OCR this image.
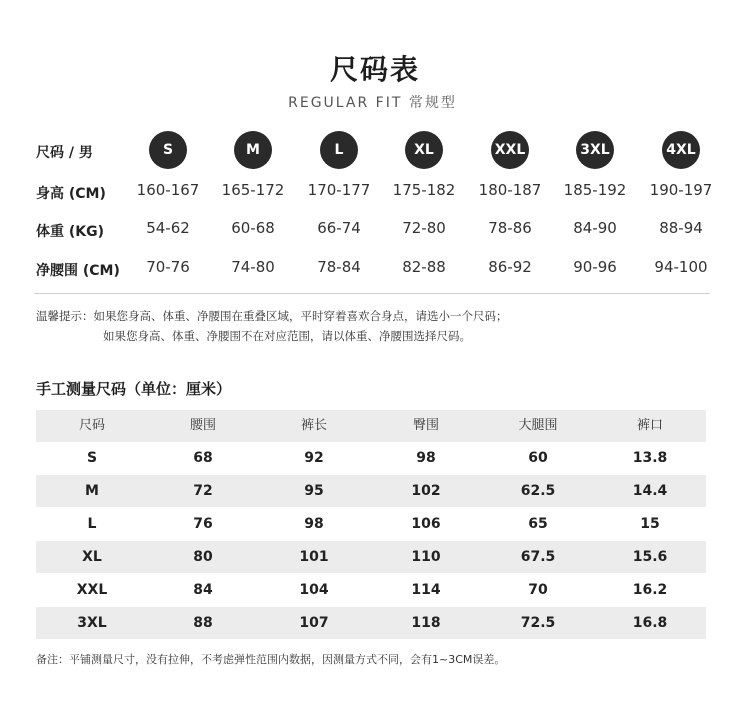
尺码表
REGULAR FIT 常规型
尺码 / 男	S	M	L	XL	XXL	3XL	4XL
身高 (CM)	160-167	165-172	170-177	175-182	180-187	185-192	190-197
体重 (KG)	54-62	60-68	66-74	72-80	78-86	84-90	88-94
净腰围 (CM)	70-76	74-80	78-84	82-88	86-92	90-96	94-100
温馨提示：如果您身高、体重、净腰围在重叠区域，平时穿着喜欢合身点，请选小一个尺码；
如果您身高、体重、净腰围不在对应范围，请以体重、净腰围选择尺码。
手工测量尺码（单位：厘米）
尺码	腰围	裤长	臀围	大腿围	裤口
S	68	92	98	60	13.8
M	72	95	102	62.5	14.4
L	76	98	106	65	15
XL	80	101	110	67.5	15.6
XXL	84	104	114	70	16.2
3XL	88	107	118	72.5	16.8
备注：平铺测量尺寸，没有拉伸，不考虑弹性范围内数据，因测量方式不同，会有1~3CM误差。
